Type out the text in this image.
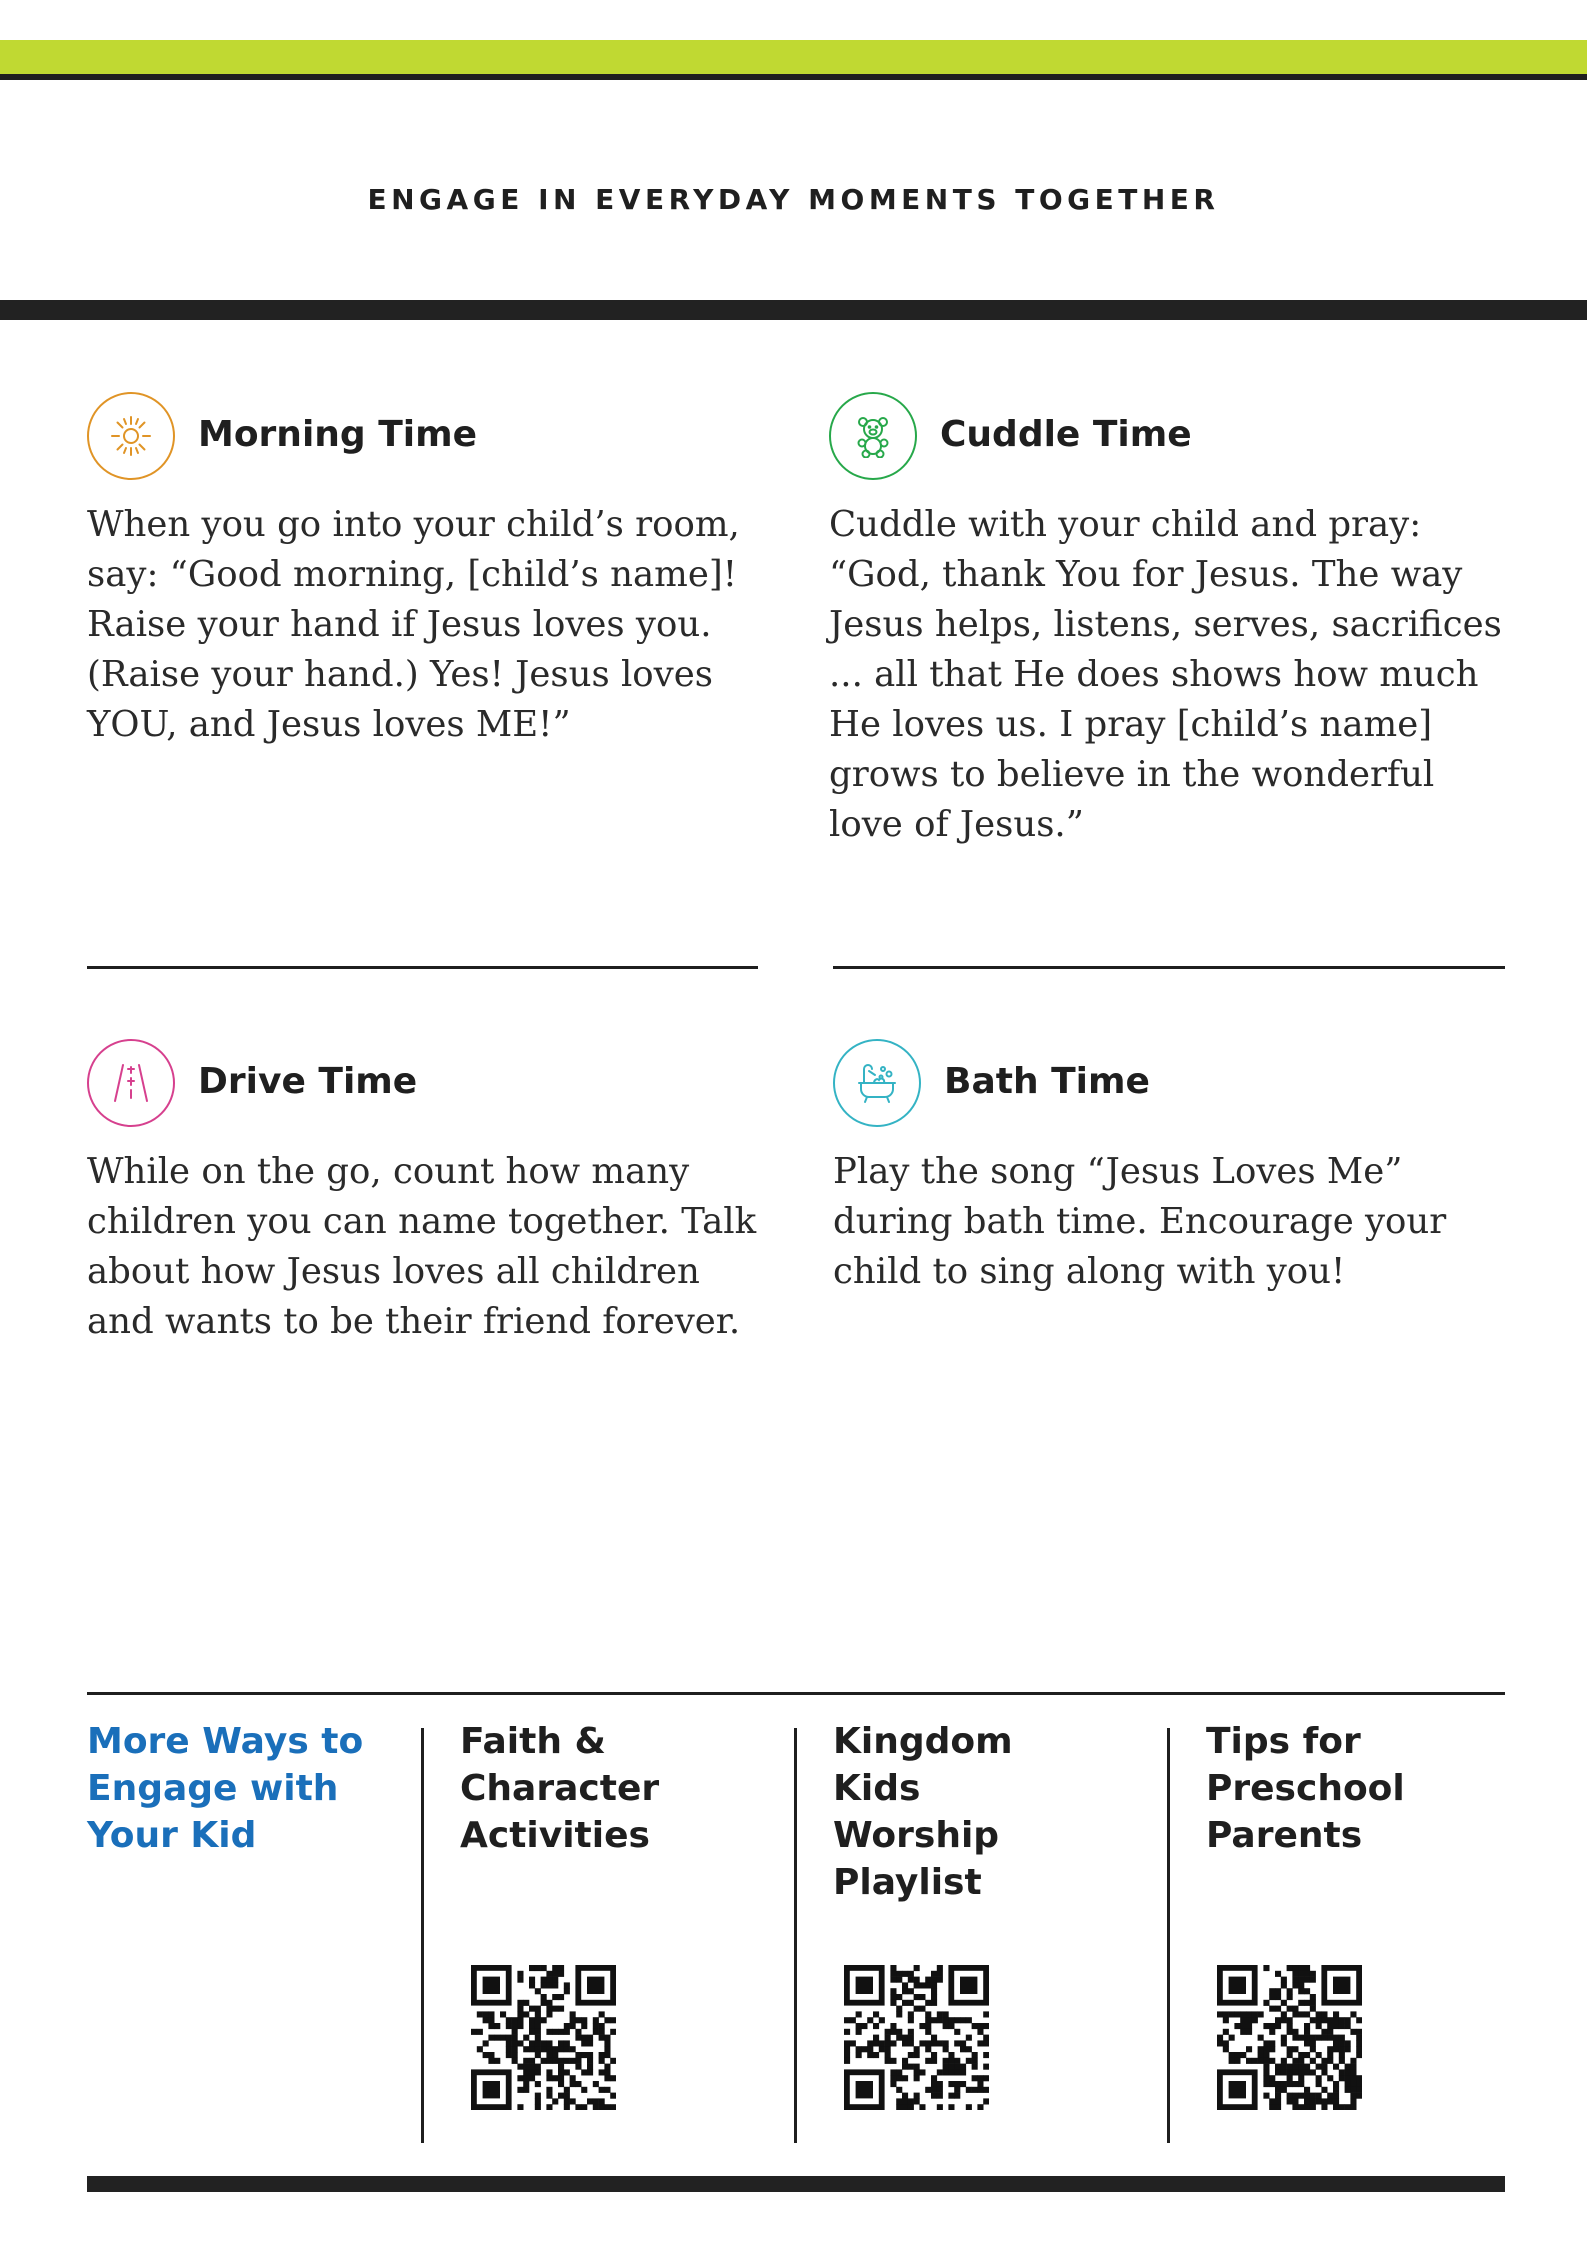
ENGAGE IN EVERYDAY MOMENTS TOGETHER
Morning Time
When you go into your child’s room, say: “Good morning, [child’s name]! Raise your hand if Jesus loves you. (Raise your hand.) Yes! Jesus loves YOU, and Jesus loves ME!”
Cuddle Time
Cuddle with your child and pray: “God, thank You for Jesus. The way Jesus helps, listens, serves, sacrifices ... all that He does shows how much He loves us. I pray [child’s name] grows to believe in the wonderful love of Jesus.”
Drive Time
While on the go, count how many children you can name together. Talk about how Jesus loves all children and wants to be their friend forever.
Bath Time
Play the song “Jesus Loves Me” during bath time. Encourage your child to sing along with you!
More Ways to
Engage with
Your Kid
Faith &
Character
Activities
Kingdom
Kids
Worship
Playlist
Tips for
Preschool
Parents
